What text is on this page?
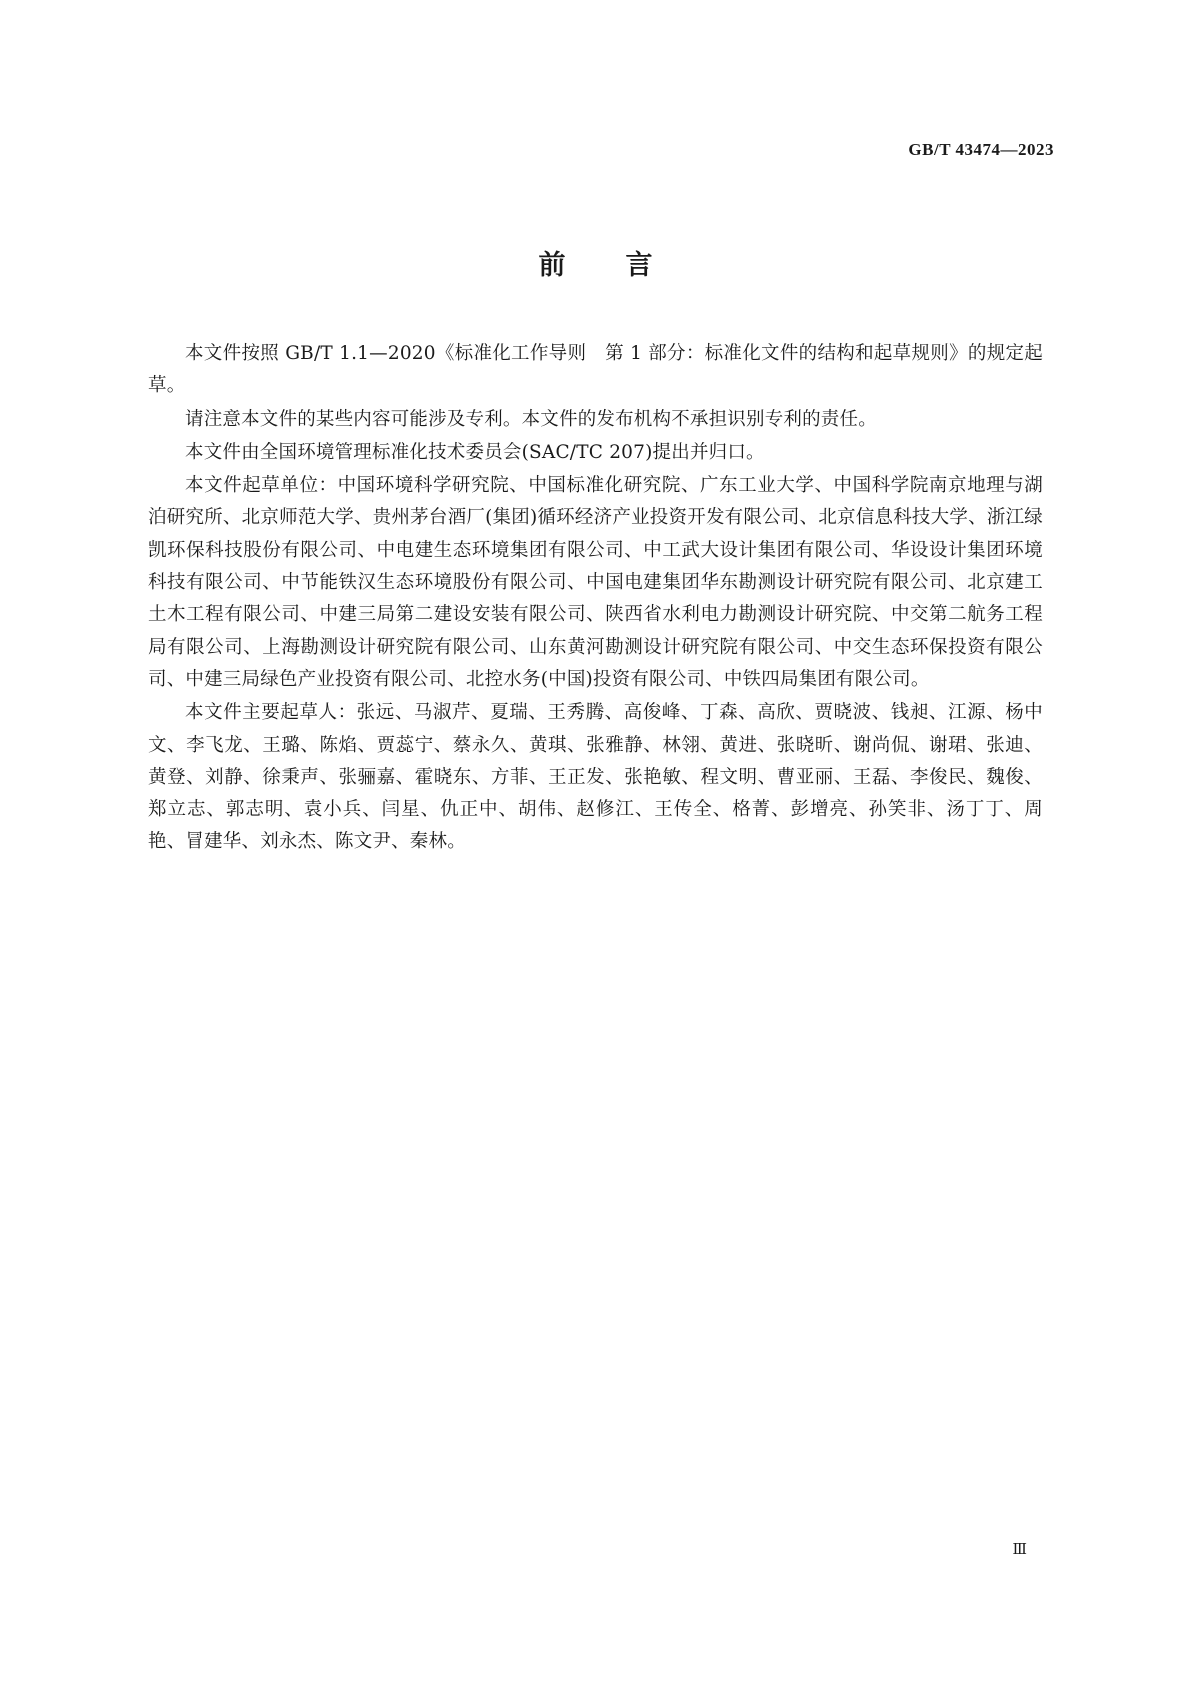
GB/T 43474—2023
前言

本文件按照 GB/T 1.1—2020《标准化工作导则　第 1 部分：标准化文件的结构和起草规则》的规定起草。

请注意本文件的某些内容可能涉及专利。本文件的发布机构不承担识别专利的责任。

本文件由全国环境管理标准化技术委员会(SAC/TC 207)提出并归口。

本文件起草单位：中国环境科学研究院、中国标准化研究院、广东工业大学、中国科学院南京地理与湖泊研究所、北京师范大学、贵州茅台酒厂(集团)循环经济产业投资开发有限公司、北京信息科技大学、浙江绿凯环保科技股份有限公司、中电建生态环境集团有限公司、中工武大设计集团有限公司、华设设计集团环境科技有限公司、中节能铁汉生态环境股份有限公司、中国电建集团华东勘测设计研究院有限公司、北京建工土木工程有限公司、中建三局第二建设安装有限公司、陕西省水利电力勘测设计研究院、中交第二航务工程局有限公司、上海勘测设计研究院有限公司、山东黄河勘测设计研究院有限公司、中交生态环保投资有限公司、中建三局绿色产业投资有限公司、北控水务(中国)投资有限公司、中铁四局集团有限公司。

本文件主要起草人：张远、马淑芹、夏瑞、王秀腾、高俊峰、丁森、高欣、贾晓波、钱昶、江源、杨中文、李飞龙、王璐、陈焰、贾蕊宁、蔡永久、黄琪、张雅静、林翎、黄进、张晓昕、谢尚侃、谢珺、张迪、黄登、刘静、徐秉声、张骊嘉、霍晓东、方菲、王正发、张艳敏、程文明、曹亚丽、王磊、李俊民、魏俊、郑立志、郭志明、袁小兵、闫星、仇正中、胡伟、赵修江、王传全、格菁、彭增亮、孙笑非、汤丁丁、周艳、冒建华、刘永杰、陈文尹、秦林。

Ⅲ
